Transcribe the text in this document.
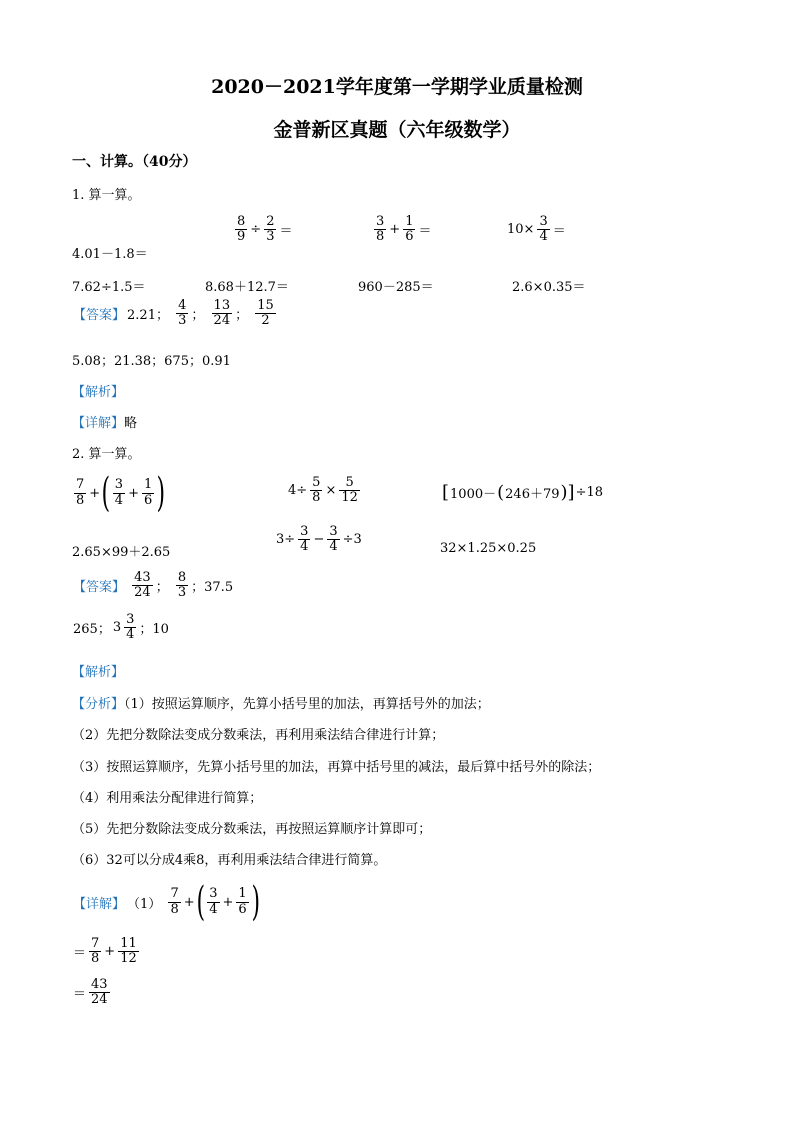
2020－2021学年度第一学期学业质量检测
金普新区真题（六年级数学）
一、计算。（40分）
1. 算一算。
4.01－1.8＝
$\frac{8}{9} \div \frac{2}{3}$ ＝	$\frac{3}{8} + \frac{1}{6}$ ＝	$10\times \frac{3}{4}$ ＝
7.62÷1.5＝	8.68＋12.7＝	960－285＝	2.6×0.35＝
【答案】 2.21； $\frac{4}{3}$ ； $\frac{13}{24}$ ； $\frac{15}{2}$
5.08；21.38；675；0.91
【解析】
【详解】略
2. 算一算。
$\frac{7}{8}$ +( $\frac{3}{4} + \frac{1}{6}$ )	$4\div \frac{5}{8} \times \frac{5}{12}$	[1000－(246＋79)]÷18
2.65×99＋2.65
$3\div \frac{3}{4} - \frac{3}{4} \div 3$
32×1.25×0.25
【答案】 $\frac{43}{24}$ ； $\frac{8}{3}$ ；37.5
265； $3 \frac{3}{4}$ ；10
【解析】
【分析】（1）按照运算顺序，先算小括号里的加法，再算括号外的加法；
（2）先把分数除法变成分数乘法，再利用乘法结合律进行计算；
（3）按照运算顺序，先算小括号里的加法，再算中括号里的减法，最后算中括号外的除法；
（4）利用乘法分配律进行简算；
（5）先把分数除法变成分数乘法，再按照运算顺序计算即可；
（6）32可以分成4乘8，再利用乘法结合律进行简算。
【详解】 $(1) \frac{7}{8}$ +( $\frac{3}{4} + \frac{1}{6}$ )
＝ $\frac{7}{8} + \frac{11}{12}$
＝ $\frac{43}{24}$
